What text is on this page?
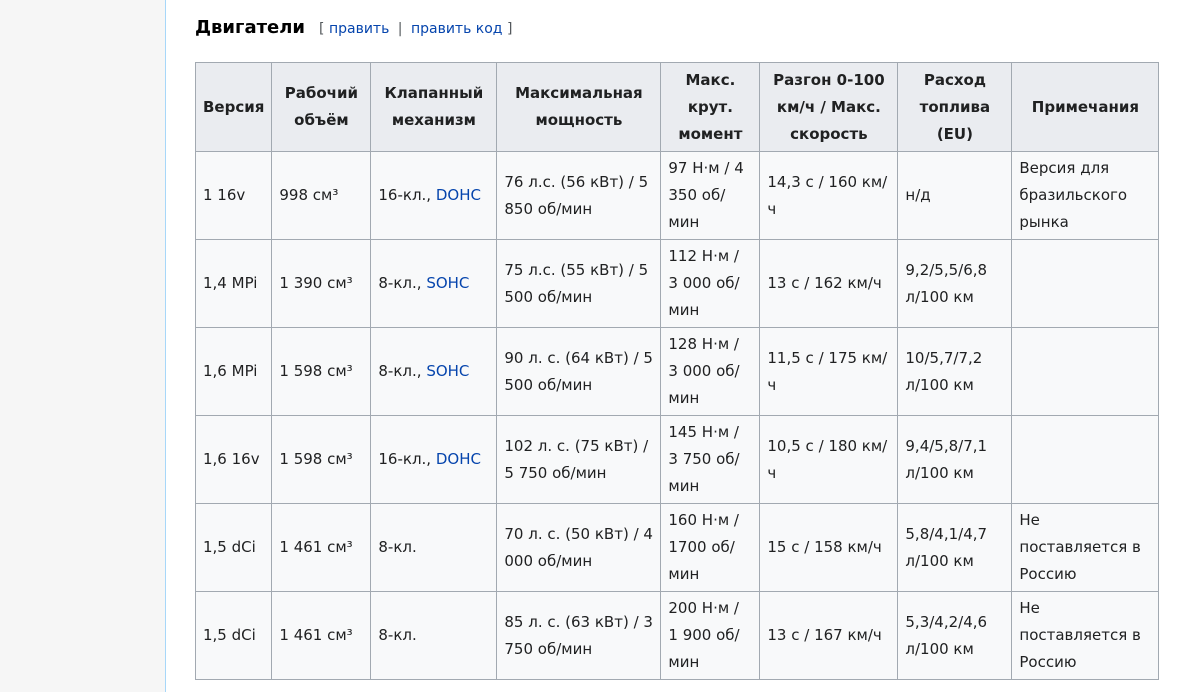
Двигатели [ править | править код ]
Версия	Рабочий объём	Клапанный механизм	Максимальная мощность	Макс. крут. момент	Разгон 0-100 км/ч / Макс. скорость	Расход топлива (EU)	Примечания
1 16v	998 см³	16-кл., DOHC	76 л.с. (56 кВт) / 5 850 об/мин	97 Н·м / 4 350 об/мин	14,3 с / 160 км/ч	н/д	Версия для бразильского рынка
1,4 MPi	1 390 см³	8-кл., SOHC	75 л.с. (55 кВт) / 5 500 об/мин	112 Н·м / 3 000 об/мин	13 с / 162 км/ч	9,2/5,5/6,8 л/100 км	
1,6 MPi	1 598 см³	8-кл., SOHC	90 л. с. (64 кВт) / 5 500 об/мин	128 Н·м / 3 000 об/мин	11,5 с / 175 км/ч	10/5,7/7,2 л/100 км	
1,6 16v	1 598 см³	16-кл., DOHC	102 л. с. (75 кВт) / 5 750 об/мин	145 Н·м / 3 750 об/мин	10,5 с / 180 км/ч	9,4/5,8/7,1 л/100 км	
1,5 dCi	1 461 см³	8-кл.	70 л. с. (50 кВт) / 4 000 об/мин	160 Н·м / 1700 об/мин	15 с / 158 км/ч	5,8/4,1/4,7 л/100 км	Не поставляется в Россию
1,5 dCi	1 461 см³	8-кл.	85 л. с. (63 кВт) / 3 750 об/мин	200 Н·м / 1 900 об/мин	13 с / 167 км/ч	5,3/4,2/4,6 л/100 км	Не поставляется в Россию
